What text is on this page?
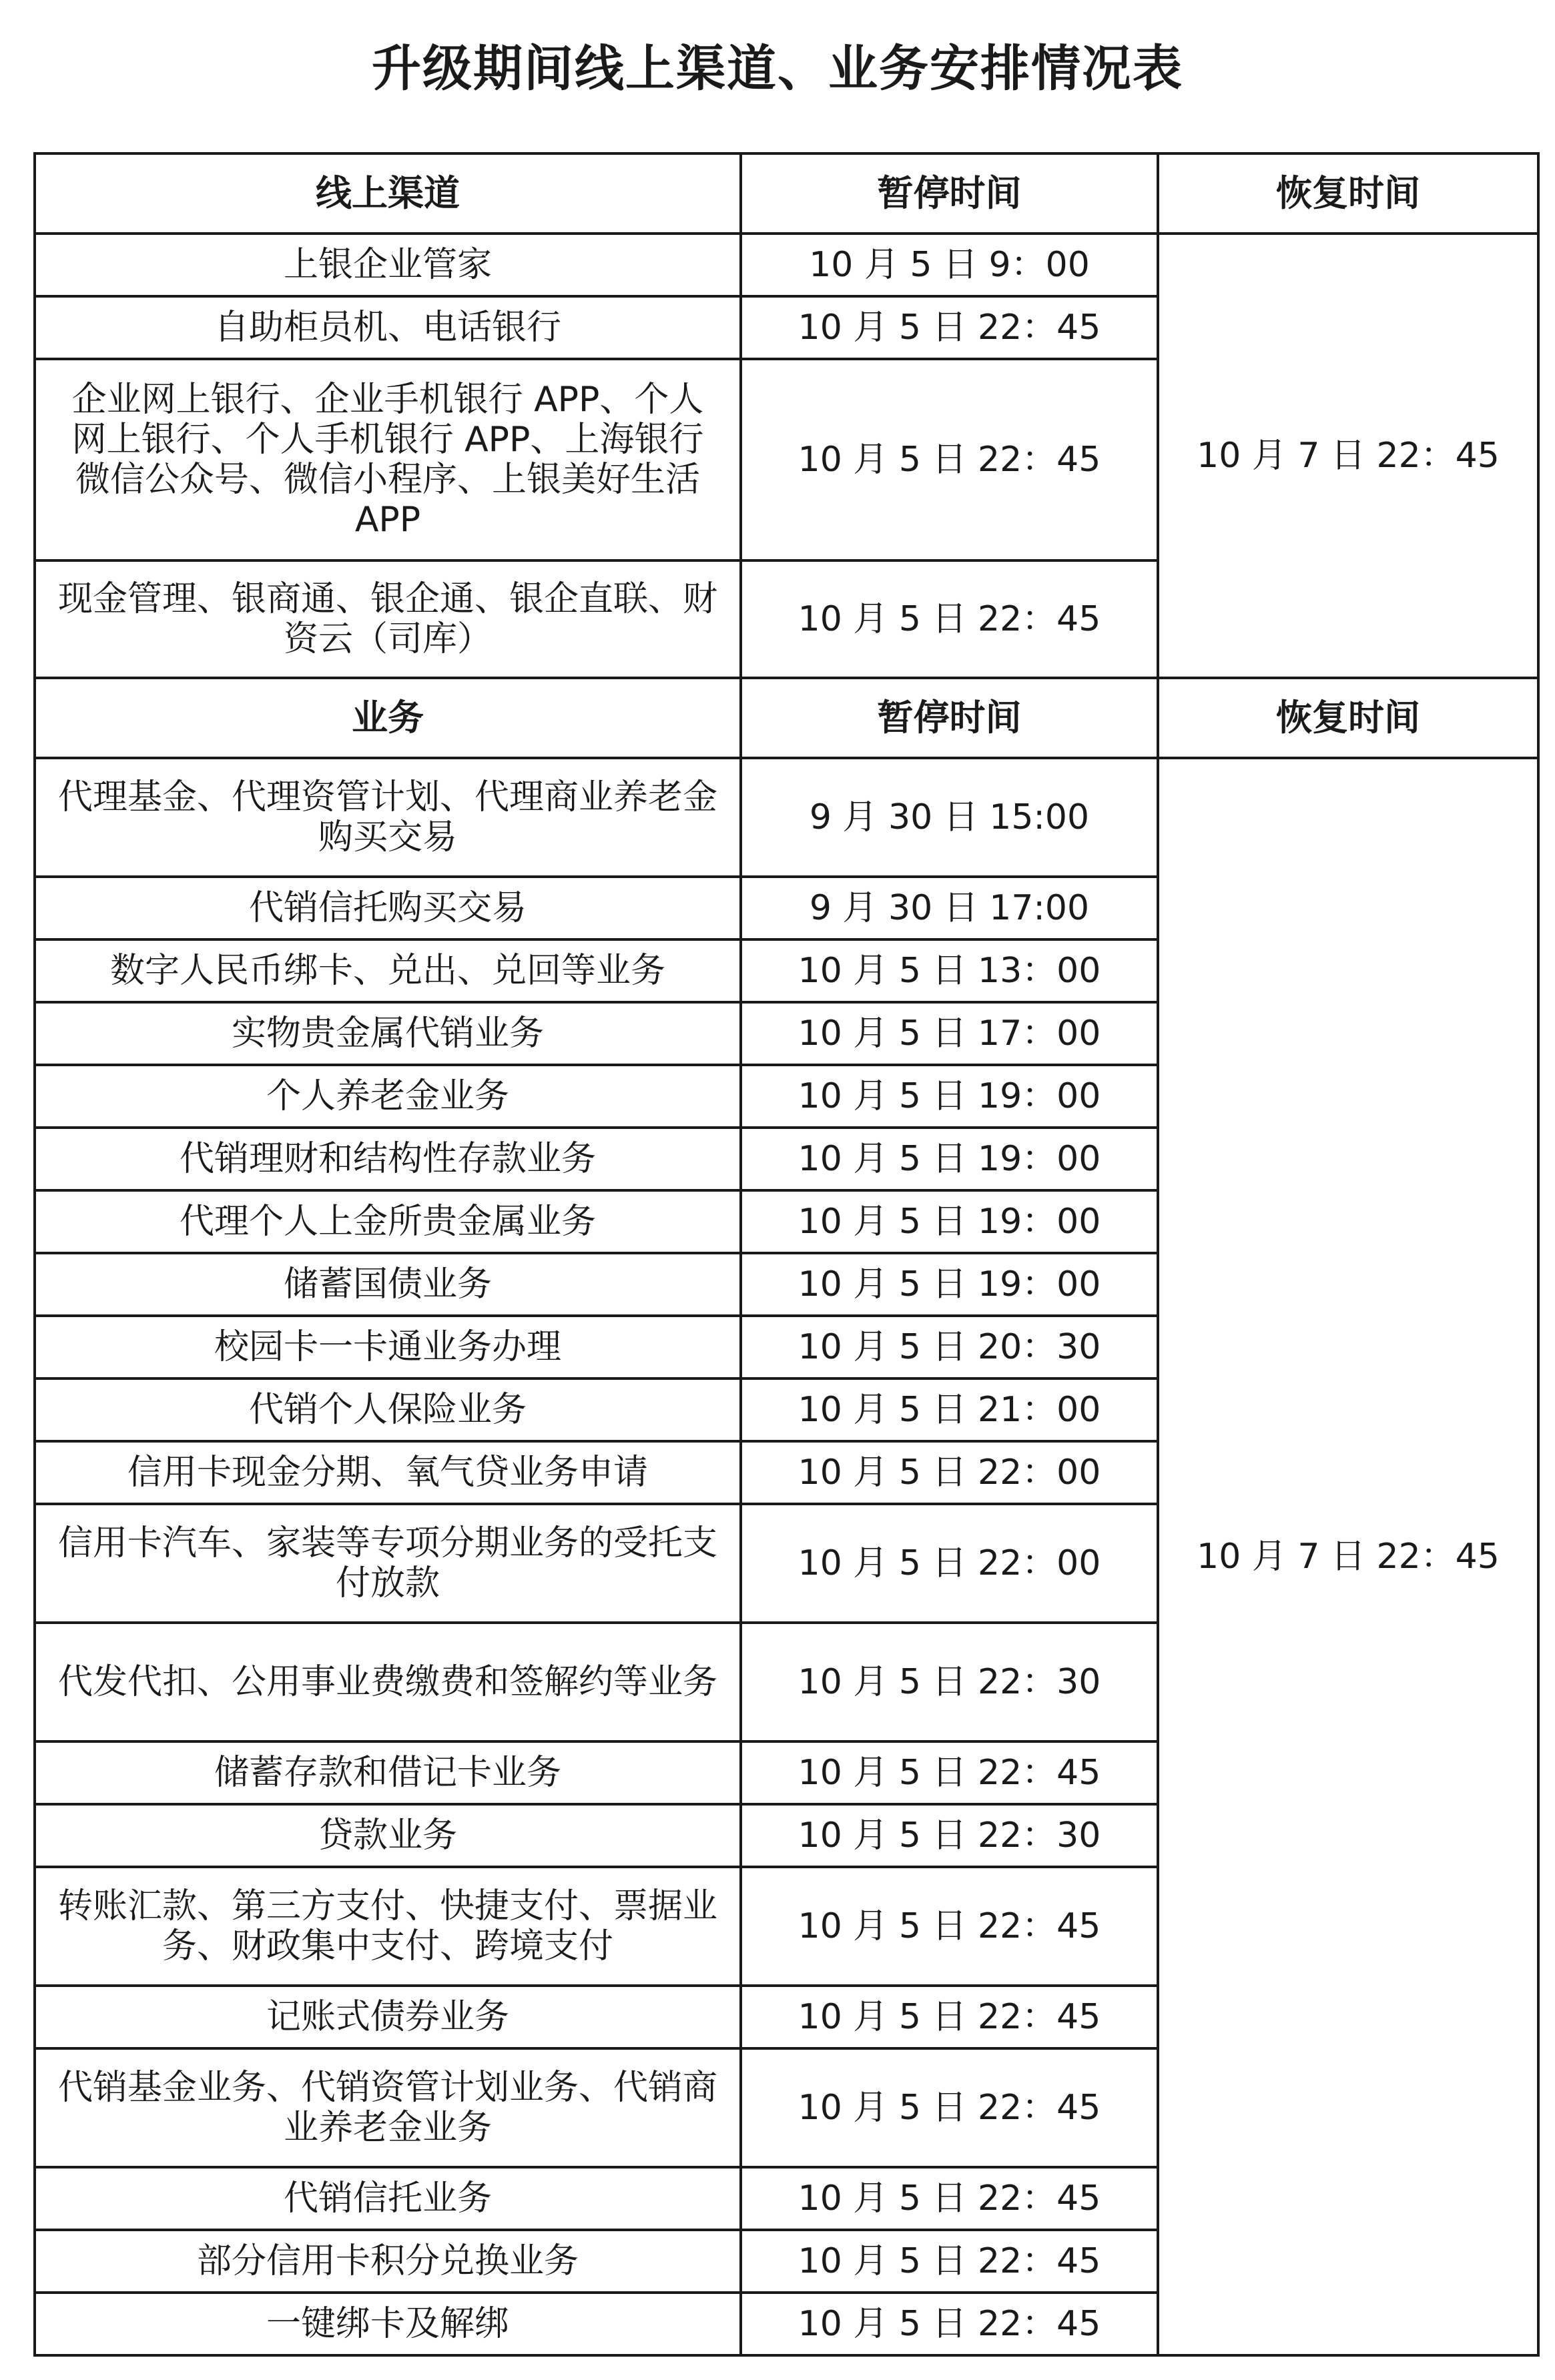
升级期间线上渠道、业务安排情况表
线上渠道	暂停时间	恢复时间
上银企业管家	10 月 5 日 9：00	10 月 7 日 22：45
自助柜员机、电话银行	10 月 5 日 22：45	
企业网上银行、企业手机银行 APP、个人网上银行、个人手机银行 APP、上海银行微信公众号、微信小程序、上银美好生活 APP	10 月 5 日 22：45	
现金管理、银商通、银企通、银企直联、财资云（司库）	10 月 5 日 22：45	
业务	暂停时间	恢复时间
代理基金、代理资管计划、代理商业养老金购买交易	9 月 30 日 15:00	10 月 7 日 22：45
代销信托购买交易	9 月 30 日 17:00	
数字人民币绑卡、兑出、兑回等业务	10 月 5 日 13：00	
实物贵金属代销业务	10 月 5 日 17：00	
个人养老金业务	10 月 5 日 19：00	
代销理财和结构性存款业务	10 月 5 日 19：00	
代理个人上金所贵金属业务	10 月 5 日 19：00	
储蓄国债业务	10 月 5 日 19：00	
校园卡一卡通业务办理	10 月 5 日 20：30	
代销个人保险业务	10 月 5 日 21：00	
信用卡现金分期、氧气贷业务申请	10 月 5 日 22：00	
信用卡汽车、家装等专项分期业务的受托支付放款	10 月 5 日 22：00	
代发代扣、公用事业费缴费和签解约等业务	10 月 5 日 22：30	
储蓄存款和借记卡业务	10 月 5 日 22：45	
贷款业务	10 月 5 日 22：30	
转账汇款、第三方支付、快捷支付、票据业务、财政集中支付、跨境支付	10 月 5 日 22：45	
记账式债券业务	10 月 5 日 22：45	
代销基金业务、代销资管计划业务、代销商业养老金业务	10 月 5 日 22：45	
代销信托业务	10 月 5 日 22：45	
部分信用卡积分兑换业务	10 月 5 日 22：45	
一键绑卡及解绑	10 月 5 日 22：45	
